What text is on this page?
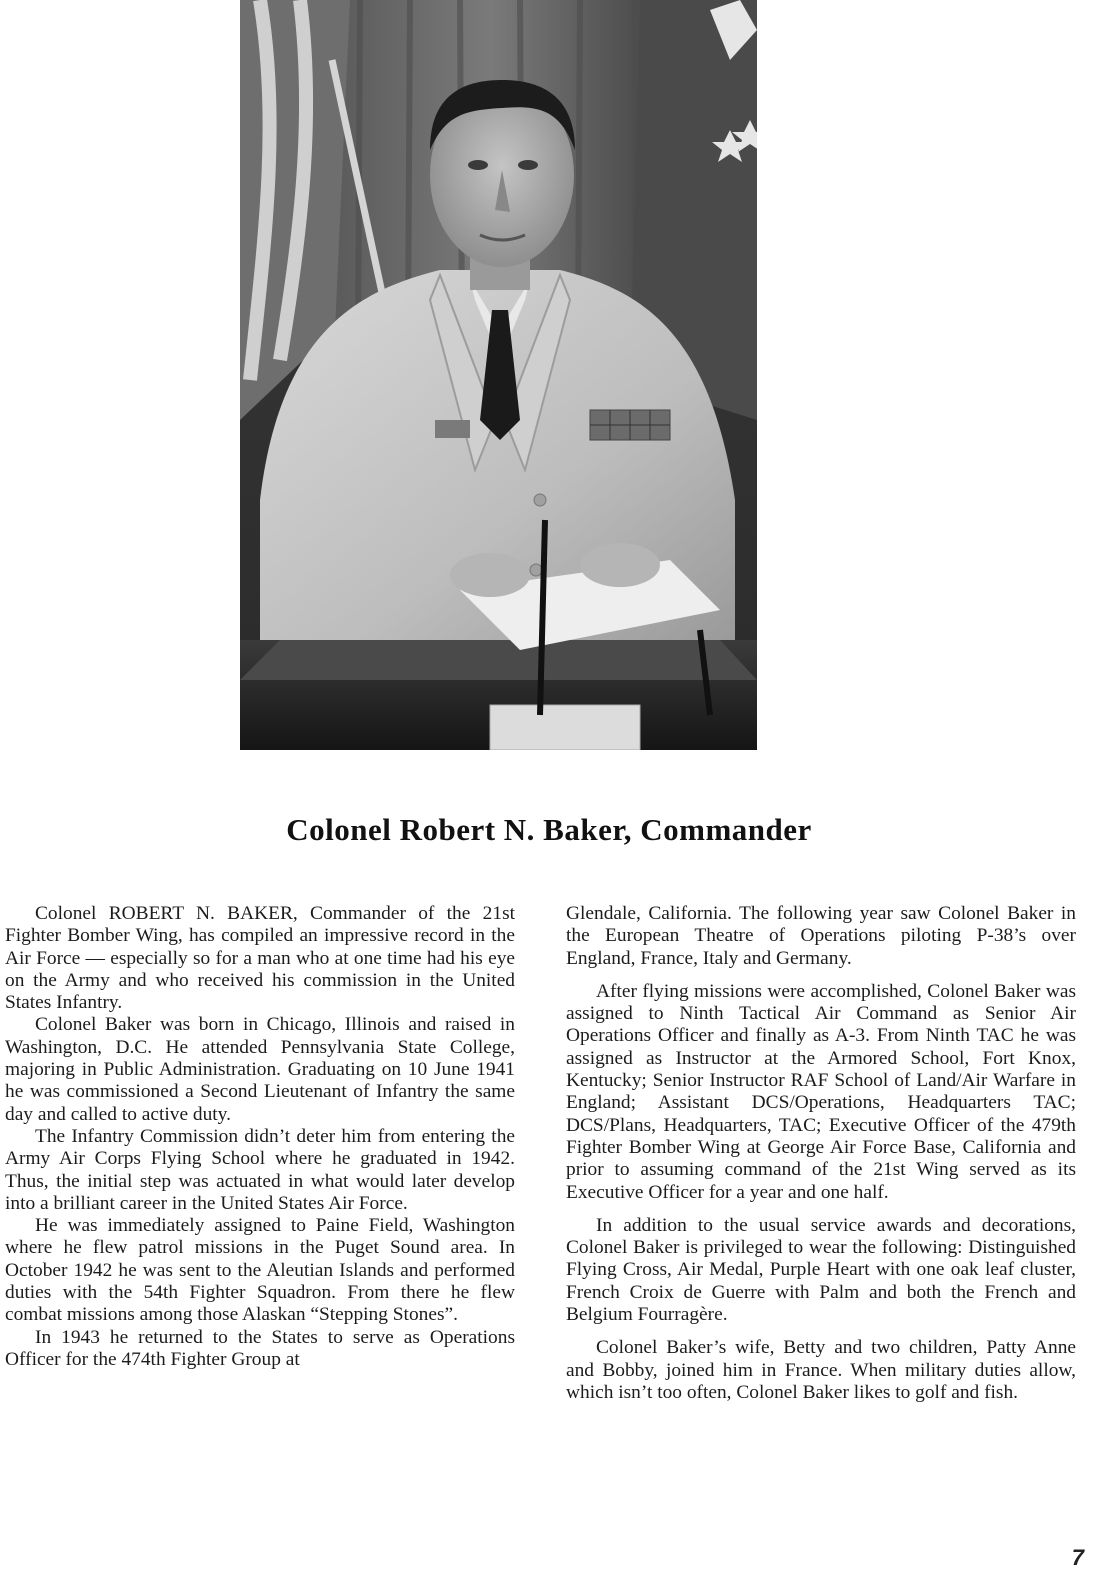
Colonel Robert N. Baker, Commander

Colonel ROBERT N. BAKER, Commander of the 21st Fighter Bomber Wing, has compiled an impressive record in the Air Force — especially so for a man who at one time had his eye on the Army and who received his commission in the United States Infantry.

Colonel Baker was born in Chicago, Illinois and raised in Washington, D.C. He attended Pennsylvania State College, majoring in Public Administration. Graduating on 10 June 1941 he was commissioned a Second Lieutenant of Infantry the same day and called to active duty.

The Infantry Commission didn’t deter him from entering the Army Air Corps Flying School where he graduated in 1942. Thus, the initial step was actuated in what would later develop into a brilliant career in the United States Air Force.

He was immediately assigned to Paine Field, Washington where he flew patrol missions in the Puget Sound area. In October 1942 he was sent to the Aleutian Islands and performed duties with the 54th Fighter Squadron. From there he flew combat missions among those Alaskan “Stepping Stones”.

In 1943 he returned to the States to serve as Operations Officer for the 474th Fighter Group at

Glendale, California. The following year saw Colonel Baker in the European Theatre of Operations piloting P-38’s over England, France, Italy and Germany.

After flying missions were accomplished, Colonel Baker was assigned to Ninth Tactical Air Command as Senior Air Operations Officer and finally as A-3. From Ninth TAC he was assigned as Instructor at the Armored School, Fort Knox, Kentucky; Senior Instructor RAF School of Land/Air Warfare in England; Assistant DCS/Operations, Headquarters TAC; DCS/Plans, Headquarters, TAC; Executive Officer of the 479th Fighter Bomber Wing at George Air Force Base, California and prior to assuming command of the 21st Wing served as its Executive Officer for a year and one half.

In addition to the usual service awards and decorations, Colonel Baker is privileged to wear the following: Distinguished Flying Cross, Air Medal, Purple Heart with one oak leaf cluster, French Croix de Guerre with Palm and both the French and Belgium Fourragère.

Colonel Baker’s wife, Betty and two children, Patty Anne and Bobby, joined him in France. When military duties allow, which isn’t too often, Colonel Baker likes to golf and fish.

7
